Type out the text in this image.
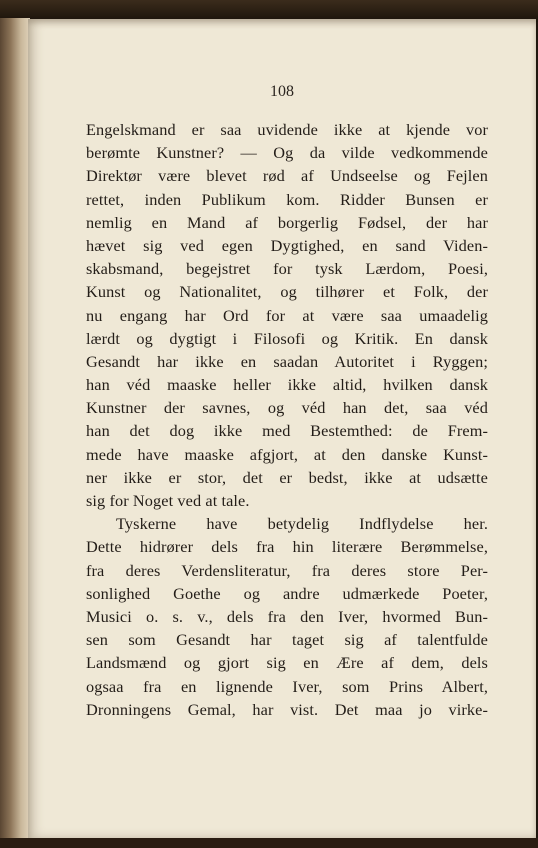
108
Engelskmand er saa uvidende ikke at kjende vor
berømte Kunstner? — Og da vilde vedkommende
Direktør være blevet rød af Undseelse og Fejlen
rettet, inden Publikum kom. Ridder Bunsen er
nemlig en Mand af borgerlig Fødsel, der har
hævet sig ved egen Dygtighed, en sand Viden-
skabsmand, begejstret for tysk Lærdom, Poesi,
Kunst og Nationalitet, og tilhører et Folk, der
nu engang har Ord for at være saa umaadelig
lærdt og dygtigt i Filosofi og Kritik. En dansk
Gesandt har ikke en saadan Autoritet i Ryggen;
han véd maaske heller ikke altid, hvilken dansk
Kunstner der savnes, og véd han det, saa véd
han det dog ikke med Bestemthed: de Frem-
mede have maaske afgjort, at den danske Kunst-
ner ikke er stor, det er bedst, ikke at udsætte
sig for Noget ved at tale.
Tyskerne have betydelig Indflydelse her.
Dette hidrører dels fra hin literære Berømmelse,
fra deres Verdensliteratur, fra deres store Per-
sonlighed Goethe og andre udmærkede Poeter,
Musici o. s. v., dels fra den Iver, hvormed Bun-
sen som Gesandt har taget sig af talentfulde
Landsmænd og gjort sig en Ære af dem, dels
ogsaa fra en lignende Iver, som Prins Albert,
Dronningens Gemal, har vist. Det maa jo virke-
